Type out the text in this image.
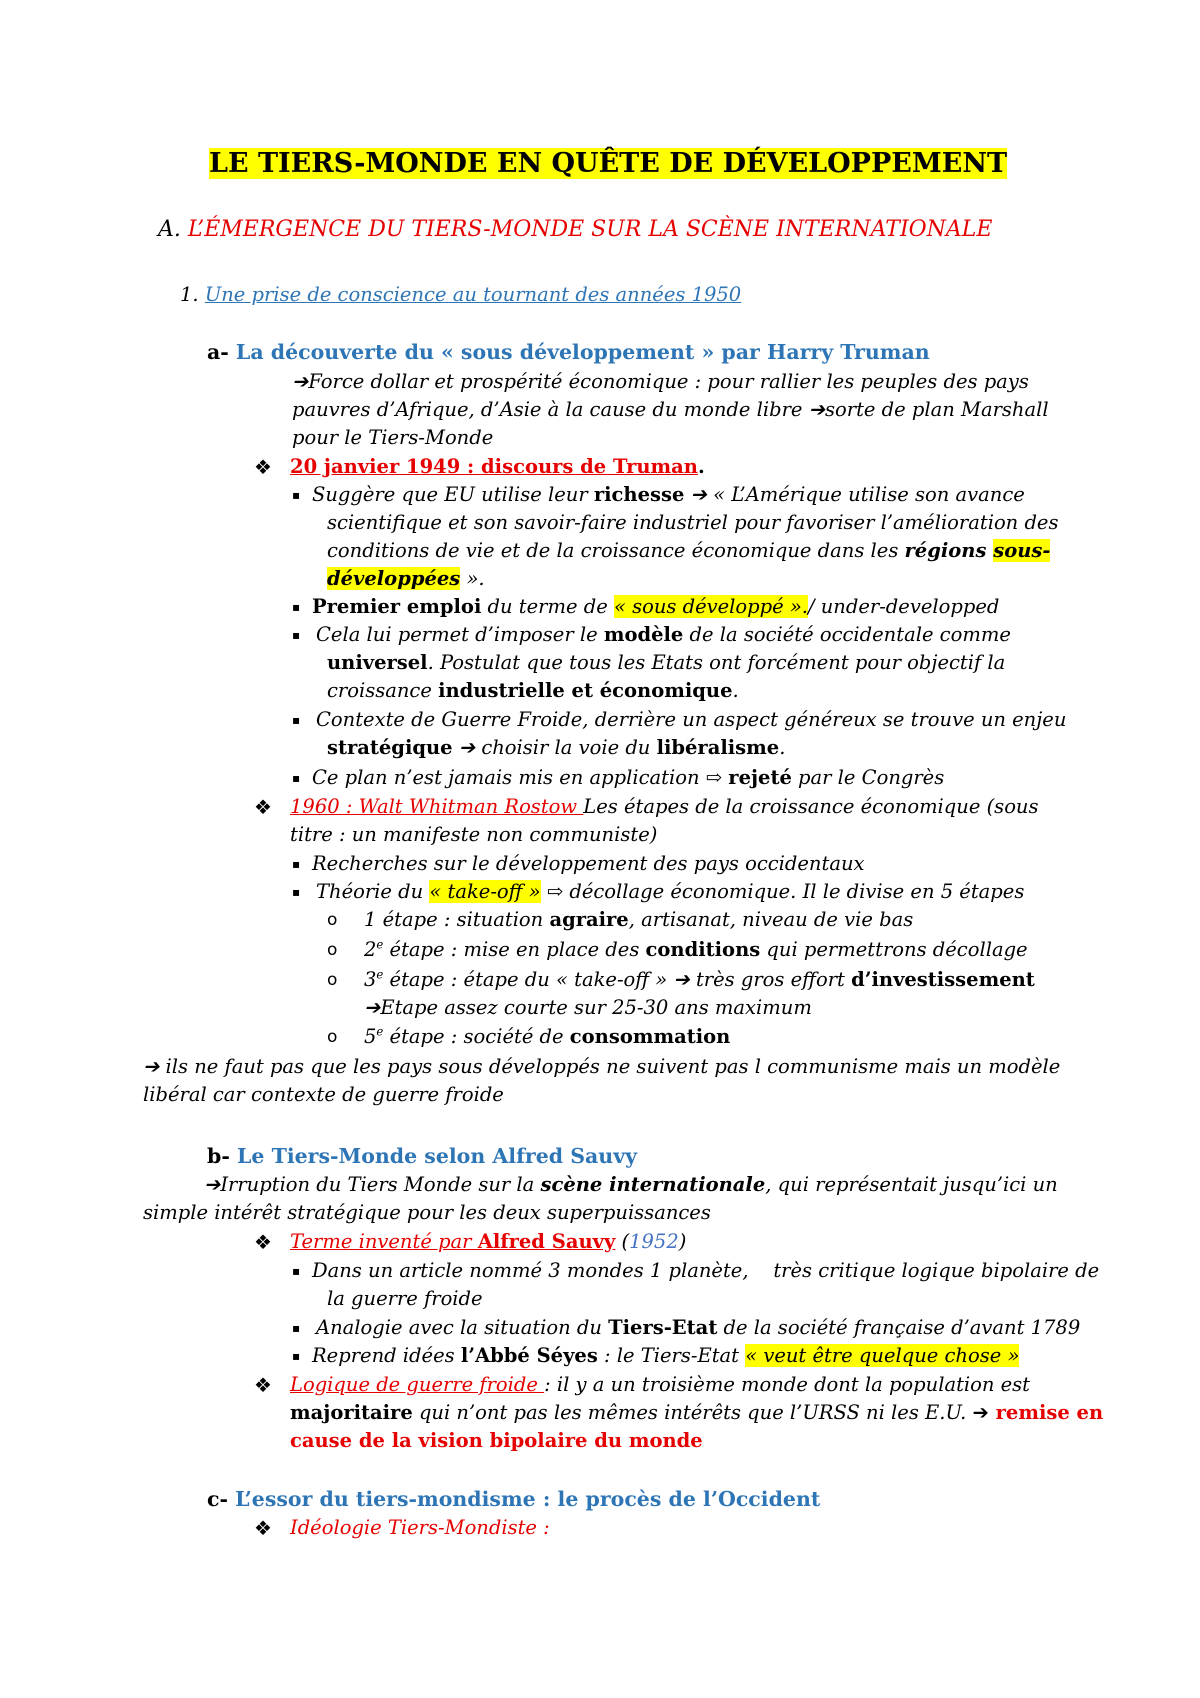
LE TIERS-MONDE EN QUÊTE DE DÉVELOPPEMENT
A. L’ÉMERGENCE DU TIERS-MONDE SUR LA SCÈNE INTERNATIONALE
1. Une prise de conscience au tournant des années 1950
a- La découverte du « sous développement » par Harry Truman
➔Force dollar et prospérité économique : pour rallier les peuples des pays
pauvres d’Afrique, d’Asie à la cause du monde libre ➔sorte de plan Marshall
pour le Tiers-Monde
❖ 20 janvier 1949 : discours de Truman.
▪ Suggère que EU utilise leur richesse ➔ « L’Amérique utilise son avance
scientifique et son savoir-faire industriel pour favoriser l’amélioration des
conditions de vie et de la croissance économique dans les régions sous-
développées ».
▪ Premier emploi du terme de « sous développé »./ under-developped
▪ Cela lui permet d’imposer le modèle de la société occidentale comme
universel. Postulat que tous les Etats ont forcément pour objectif la
croissance industrielle et économique.
▪ Contexte de Guerre Froide, derrière un aspect généreux se trouve un enjeu
stratégique ➔ choisir la voie du libéralisme.
▪ Ce plan n’est jamais mis en application ⇨ rejeté par le Congrès
❖ 1960 : Walt Whitman Rostow Les étapes de la croissance économique (sous
titre : un manifeste non communiste)
▪ Recherches sur le développement des pays occidentaux
▪ Théorie du « take-off » ⇨ décollage économique. Il le divise en 5 étapes
o 1 étape : situation agraire, artisanat, niveau de vie bas
o 2e étape : mise en place des conditions qui permettrons décollage
o 3e étape : étape du « take-off » ➔ très gros effort d’investissement
➔Etape assez courte sur 25-30 ans maximum
o 5e étape : société de consommation
➔ ils ne faut pas que les pays sous développés ne suivent pas l communisme mais un modèle
libéral car contexte de guerre froide
b- Le Tiers-Monde selon Alfred Sauvy
➔Irruption du Tiers Monde sur la scène internationale, qui représentait jusqu’ici un
simple intérêt stratégique pour les deux superpuissances
❖ Terme inventé par Alfred Sauvy (1952)
▪ Dans un article nommé 3 mondes 1 planète,    très critique logique bipolaire de
la guerre froide
▪ Analogie avec la situation du Tiers-Etat de la société française d’avant 1789
▪ Reprend idées l’Abbé Séyes : le Tiers-Etat « veut être quelque chose »
❖ Logique de guerre froide : il y a un troisième monde dont la population est
majoritaire qui n’ont pas les mêmes intérêts que l’URSS ni les E.U. ➔ remise en
cause de la vision bipolaire du monde
c- L’essor du tiers-mondisme : le procès de l’Occident
❖ Idéologie Tiers-Mondiste :
